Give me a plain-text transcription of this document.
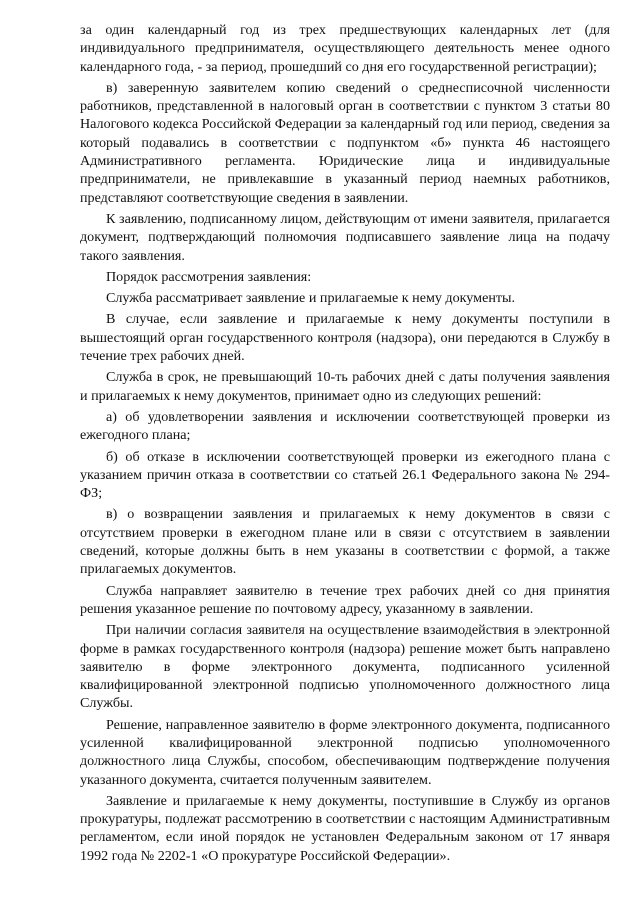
за один календарный год из трех предшествующих календарных лет (для индивидуального предпринимателя, осуществляющего деятельность менее одного календарного года, - за период, прошедший со дня его государственной регистрации);

в) заверенную заявителем копию сведений о среднесписочной численности работников, представленной в налоговый орган в соответствии с пунктом 3 статьи 80 Налогового кодекса Российской Федерации за календарный год или период, сведения за который подавались в соответствии с подпунктом «б» пункта 46 настоящего Административного регламента. Юридические лица и индивидуальные предприниматели, не привлекавшие в указанный период наемных работников, представляют соответствующие сведения в заявлении.

К заявлению, подписанному лицом, действующим от имени заявителя, прилагается документ, подтверждающий полномочия подписавшего заявление лица на подачу такого заявления.

Порядок рассмотрения заявления:

Служба рассматривает заявление и прилагаемые к нему документы.

В случае, если заявление и прилагаемые к нему документы поступили в вышестоящий орган государственного контроля (надзора), они передаются в Службу в течение трех рабочих дней.

Служба в срок, не превышающий 10-ть рабочих дней с даты получения заявления и прилагаемых к нему документов, принимает одно из следующих решений:

а) об удовлетворении заявления и исключении соответствующей проверки из ежегодного плана;

б) об отказе в исключении соответствующей проверки из ежегодного плана с указанием причин отказа в соответствии со статьей 26.1 Федерального закона № 294-ФЗ;

в) о возвращении заявления и прилагаемых к нему документов в связи с отсутствием проверки в ежегодном плане или в связи с отсутствием в заявлении сведений, которые должны быть в нем указаны в соответствии с формой, а также прилагаемых документов.

Служба направляет заявителю в течение трех рабочих дней со дня принятия решения указанное решение по почтовому адресу, указанному в заявлении.

При наличии согласия заявителя на осуществление взаимодействия в электронной форме в рамках государственного контроля (надзора) решение может быть направлено заявителю в форме электронного документа, подписанного усиленной квалифицированной электронной подписью уполномоченного должностного лица Службы.

Решение, направленное заявителю в форме электронного документа, подписанного усиленной квалифицированной электронной подписью уполномоченного должностного лица Службы, способом, обеспечивающим подтверждение получения указанного документа, считается полученным заявителем.

Заявление и прилагаемые к нему документы, поступившие в Службу из органов прокуратуры, подлежат рассмотрению в соответствии с настоящим Административным регламентом, если иной порядок не установлен Федеральным законом от 17 января 1992 года № 2202-1 «О прокуратуре Российской Федерации».
